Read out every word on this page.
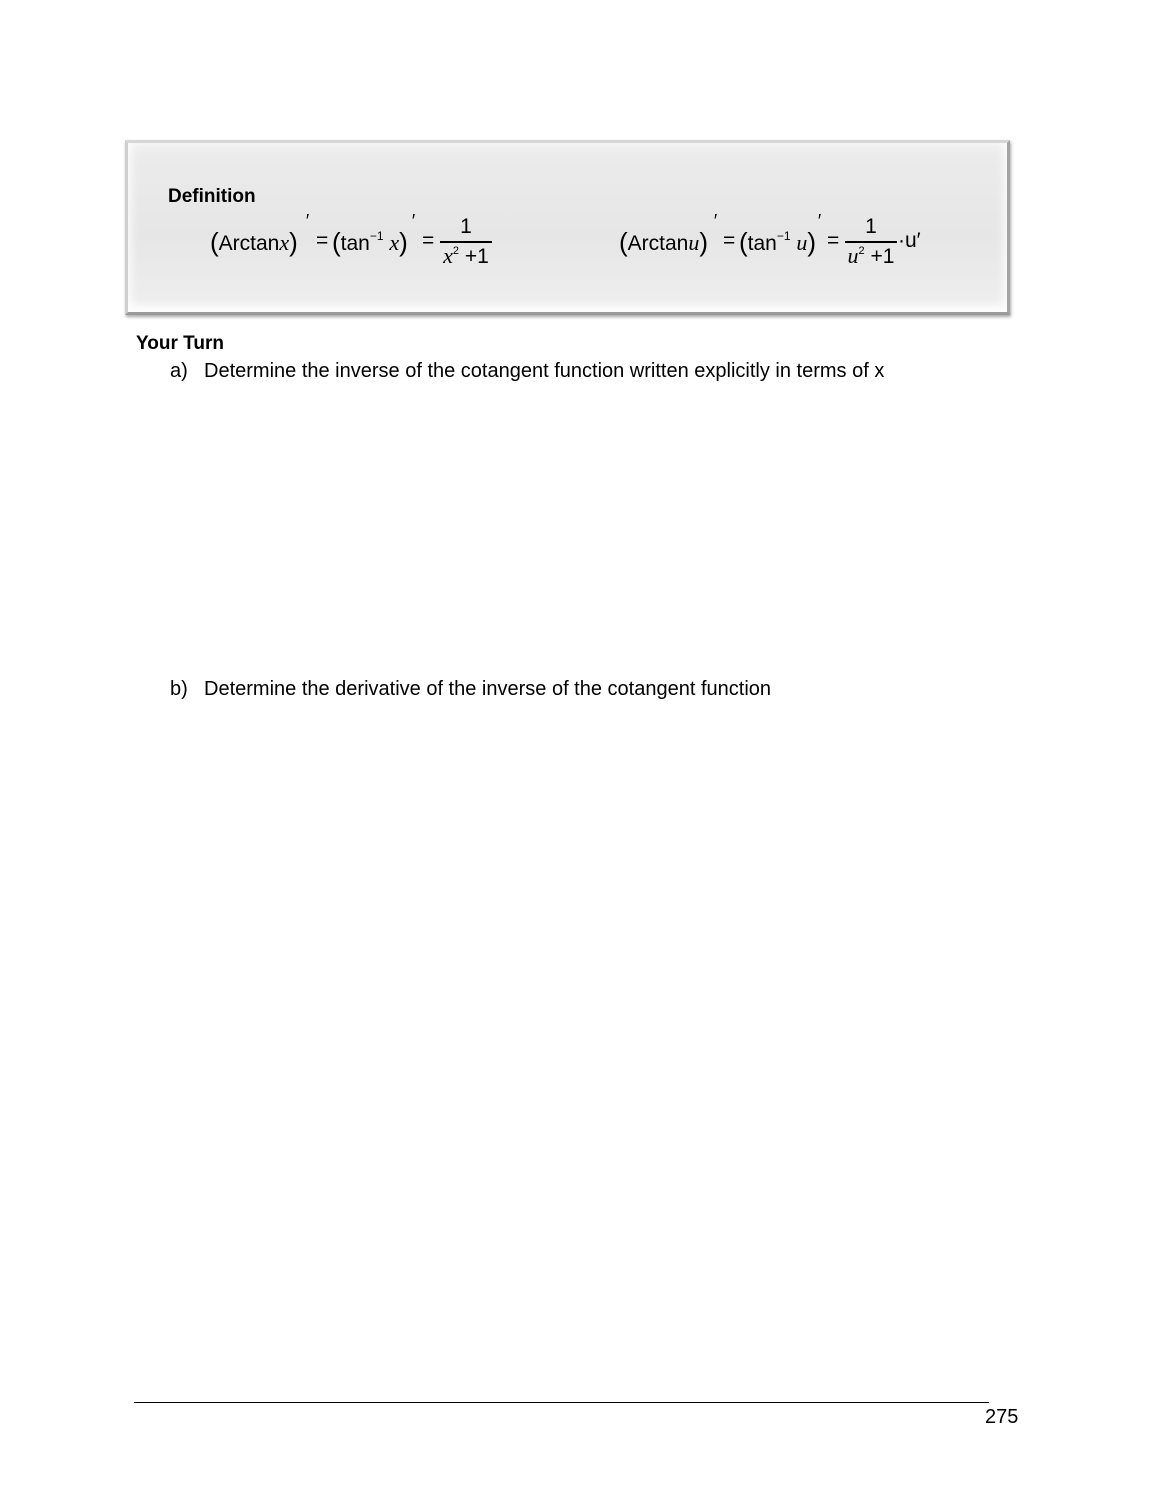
Definition
(Arctanx)
′
= ($\tan^{-1}$ x)
′
=
1
$x^2 +1$	(Arctanu)
′
= ($\tan^{-1}$ u)
′
=
1
$u^2 +1$
·u′
Your Turn
a) Determine the inverse of the cotangent function written explicitly in terms of x
b) Determine the derivative of the inverse of the cotangent function
275
